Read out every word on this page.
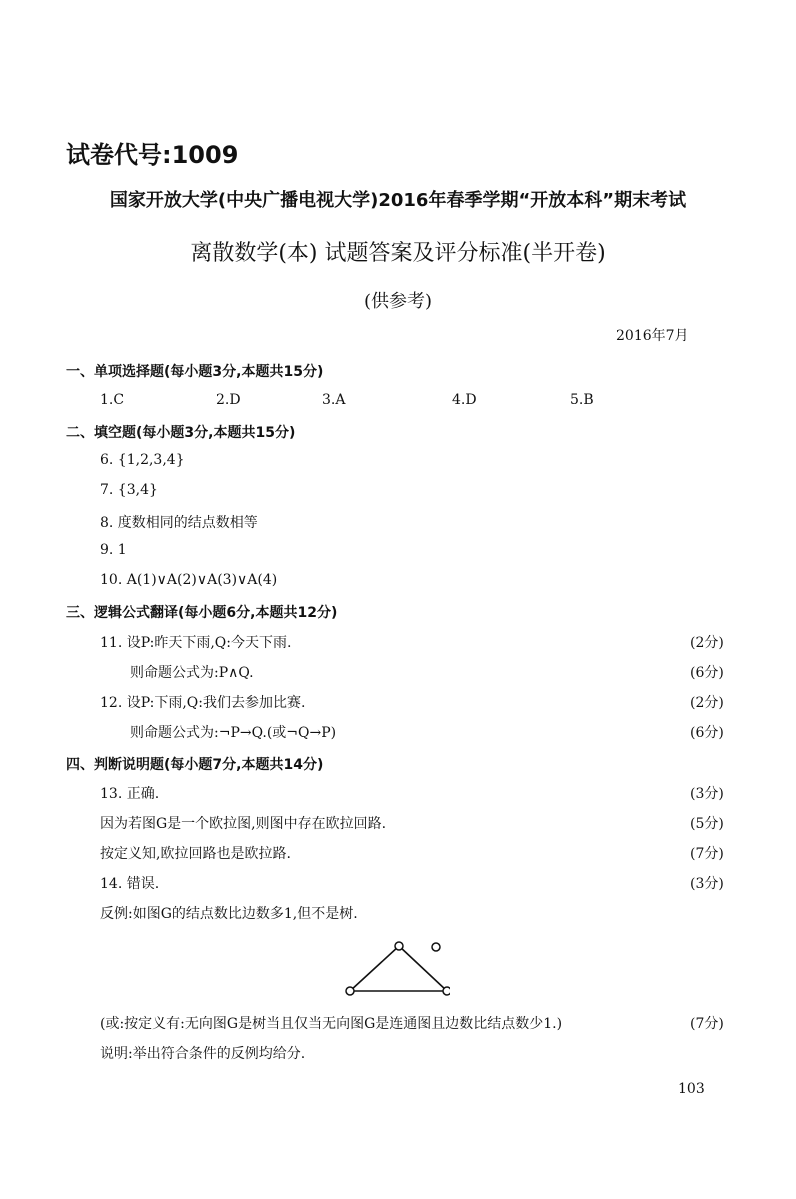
试卷代号:1009
国家开放大学(中央广播电视大学)2016年春季学期“开放本科”期末考试
离散数学(本) 试题答案及评分标准(半开卷)
(供参考)
2016年7月
一、单项选择题(每小题3分,本题共15分)
1.C	2.D	3.A	4.D	5.B
二、填空题(每小题3分,本题共15分)
6. {1,2,3,4}
7. {3,4}
8. 度数相同的结点数相等
9. 1
10. A(1)∨A(2)∨A(3)∨A(4)
三、逻辑公式翻译(每小题6分,本题共12分)
11. 设P:昨天下雨,Q:今天下雨.	(2分)
则命题公式为:P∧Q.	(6分)
12. 设P:下雨,Q:我们去参加比赛.	(2分)
则命题公式为:¬P→Q.(或¬Q→P)	(6分)
四、判断说明题(每小题7分,本题共14分)
13. 正确.	(3分)
因为若图G是一个欧拉图,则图中存在欧拉回路.	(5分)
按定义知,欧拉回路也是欧拉路.	(7分)
14. 错误.	(3分)
反例:如图G的结点数比边数多1,但不是树.
(或:按定义有:无向图G是树当且仅当无向图G是连通图且边数比结点数少1.)	(7分)
说明:举出符合条件的反例均给分.
103
